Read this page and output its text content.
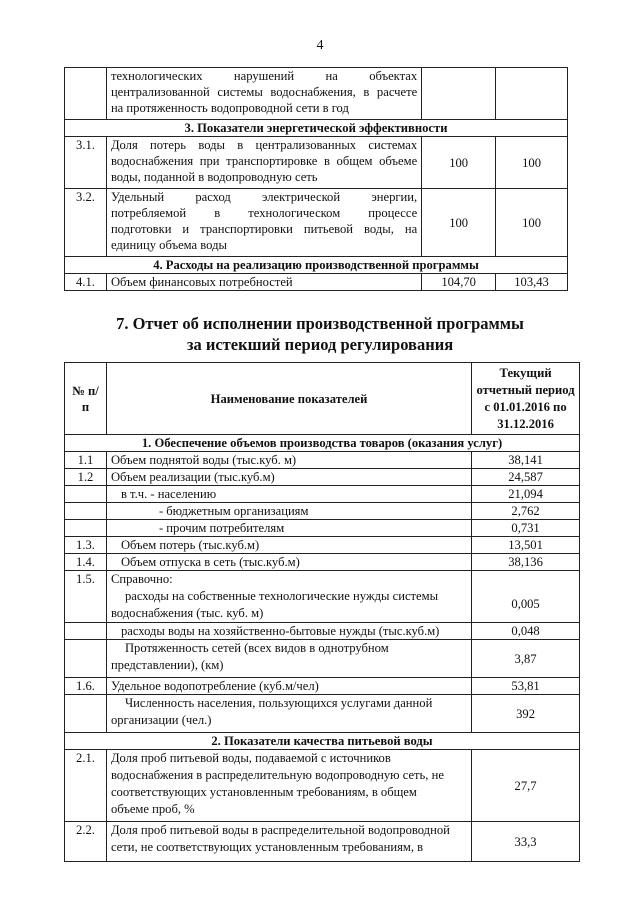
4

	технологических нарушений на объектах
централизованной системы водоснабжения, в расчете
на протяженность водопроводной сети в год		

3. Показатели энергетической эффективности			
3.1.	Доля потерь воды в централизованных системах
водоснабжения при транспортировке в общем объеме
воды, поданной в водопроводную сеть	100	100
3.2.	Удельный расход электрической энергии,
потребляемой в технологическом процессе
подготовки и транспортировки питьевой воды, на
единицу объема воды	100	100
4. Расходы на реализацию производственной программы			
4.1.	Объем финансовых потребностей	104,70	103,43
7. Отчет об исполнении производственной программы
за истекший период регулирования
№ п/п	Наименование показателей	Текущий
отчетный период
с 01.01.2016 по
31.12.2016

1. Обеспечение объемов производства товаров (оказания услуг)		
1.1	Объем поднятой воды (тыс.куб. м)	38,141
1.2	Объем реализации (тыс.куб.м)	24,587
	в т.ч. - населению	21,094
	- бюджетным организациям	2,762
	- прочим потребителям	0,731
1.3.	Объем потерь (тыс.куб.м)	13,501
1.4.	Объем отпуска в сеть (тыс.куб.м)	38,136
1.5.	Справочно:
расходы на собственные технологические нужды системы
водоснабжения (тыс. куб. м)	0,005
	расходы воды на хозяйственно-бытовые нужды (тыс.куб.м)	0,048

	Протяженность сетей (всех видов в однотрубном
представлении), (км)	3,87
1.6.	Удельное водопотребление (куб.м/чел)	53,81

	Численность населения, пользующихся услугами данной
организации (чел.)	392
2. Показатели качества питьевой воды		
2.1.	Доля проб питьевой воды, подаваемой с источников
водоснабжения в распределительную водопроводную сеть, не
соответствующих установленным требованиям, в общем
объеме проб, %	27,7
2.2.	Доля проб питьевой воды в распределительной водопроводной
сети, не соответствующих установленным требованиям, в	33,3
